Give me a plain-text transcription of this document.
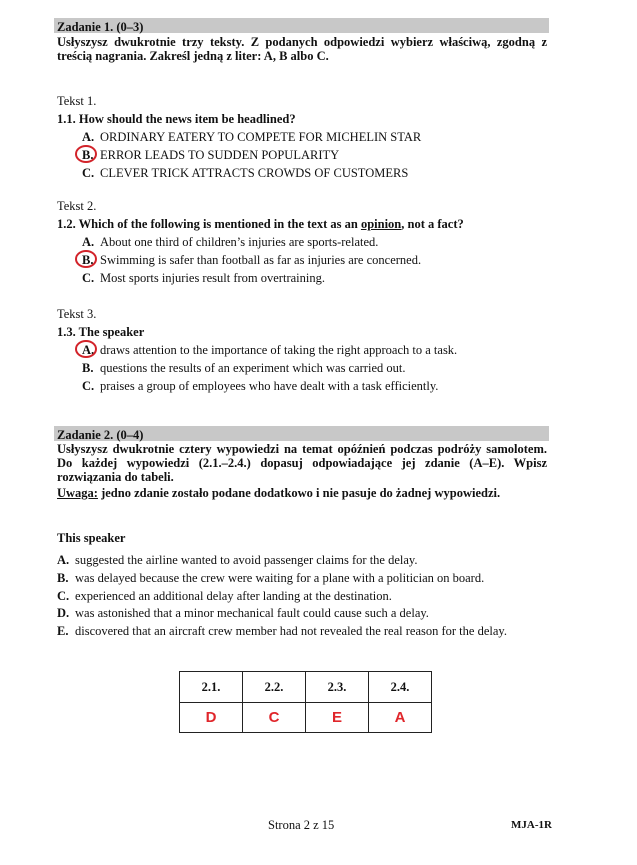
Zadanie 1. (0–3)
Usłyszysz dwukrotnie trzy teksty. Z podanych odpowiedzi wybierz właściwą, zgodną z treścią nagrania. Zakreśl jedną z liter: A, B albo C.
Tekst 1.
1.1. How should the news item be headlined?
A. ORDINARY EATERY TO COMPETE FOR MICHELIN STAR
B. ERROR LEADS TO SUDDEN POPULARITY
C. CLEVER TRICK ATTRACTS CROWDS OF CUSTOMERS
Tekst 2.
1.2. Which of the following is mentioned in the text as an opinion, not a fact?
A. About one third of children’s injuries are sports-related.
B. Swimming is safer than football as far as injuries are concerned.
C. Most sports injuries result from overtraining.
Tekst 3.
1.3. The speaker
A. draws attention to the importance of taking the right approach to a task.
B. questions the results of an experiment which was carried out.
C. praises a group of employees who have dealt with a task efficiently.
Zadanie 2. (0–4)
Usłyszysz dwukrotnie cztery wypowiedzi na temat opóźnień podczas podróży samolotem. Do każdej wypowiedzi (2.1.–2.4.) dopasuj odpowiadające jej zdanie (A–E). Wpisz rozwiązania do tabeli.
Uwaga: jedno zdanie zostało podane dodatkowo i nie pasuje do żadnej wypowiedzi.
This speaker
A. suggested the airline wanted to avoid passenger claims for the delay.
B. was delayed because the crew were waiting for a plane with a politician on board.
C. experienced an additional delay after landing at the destination.
D. was astonished that a minor mechanical fault could cause such a delay.
E. discovered that an aircraft crew member had not revealed the real reason for the delay.
2.1.	2.2.	2.3.	2.4.
D	C	E	A
Strona 2 z 15	MJA-1R
